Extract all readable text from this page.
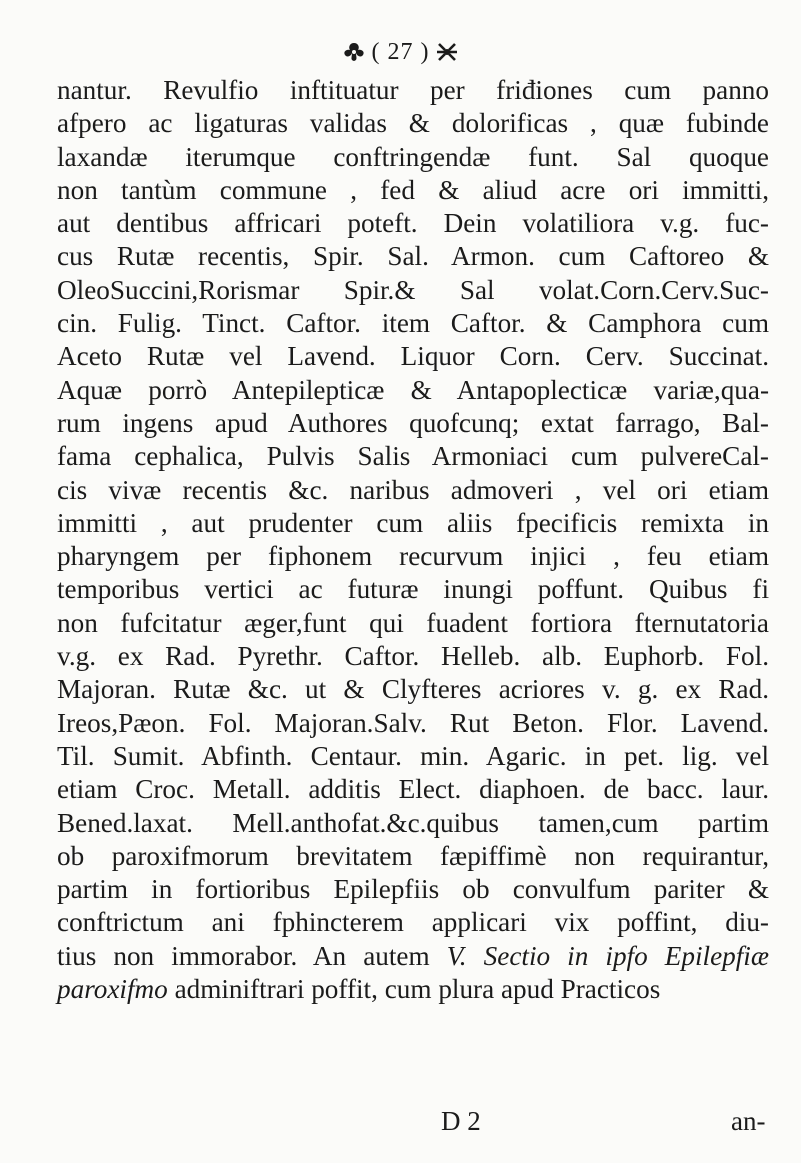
( 27 )
nantur. Revulfio inftituatur per friđiones cum panno
afpero ac ligaturas validas & dolorificas , quæ fubinde
laxandæ iterumque conftringendæ funt. Sal quoque
non tantùm commune , fed & aliud acre ori immitti,
aut dentibus affricari poteft. Dein volatiliora v.g. fuc-
cus Rutæ recentis, Spir. Sal. Armon. cum Caftoreo &
OleoSuccini,Rorismar Spir.& Sal volat.Corn.Cerv.Suc-
cin. Fulig. Tinct. Caftor. item Caftor. & Camphora cum
Aceto Rutæ vel Lavend. Liquor Corn. Cerv. Succinat.
Aquæ porrò Antepilepticæ & Antapoplecticæ variæ,qua-
rum ingens apud Authores quofcunq; extat farrago, Bal-
fama cephalica, Pulvis Salis Armoniaci cum pulvereCal-
cis vivæ recentis &c. naribus admoveri , vel ori etiam
immitti , aut prudenter cum aliis fpecificis remixta in
pharyngem per fiphonem recurvum injici , feu etiam
temporibus vertici ac futuræ inungi poffunt. Quibus fi
non fufcitatur æger,funt qui fuadent fortiora fternutatoria
v.g. ex Rad. Pyrethr. Caftor. Helleb. alb. Euphorb. Fol.
Majoran. Rutæ &c. ut & Clyfteres acriores v. g. ex Rad.
Ireos,Pæon. Fol. Majoran.Salv. Rut Beton. Flor. Lavend.
Til. Sumit. Abfinth. Centaur. min. Agaric. in pet. lig. vel
etiam Croc. Metall. additis Elect. diaphoen. de bacc. laur.
Bened.laxat. Mell.anthofat.&c.quibus tamen,cum partim
ob paroxifmorum brevitatem fæpiffimè non requirantur,
partim in fortioribus Epilepfiis ob convulfum pariter &
conftrictum ani fphincterem applicari vix poffint, diu-
tius non immorabor. An autem V. Sectio in ipfo Epilepfiæ
paroxifmo adminiftrari poffit, cum plura apud Practicos
D 2	an-
